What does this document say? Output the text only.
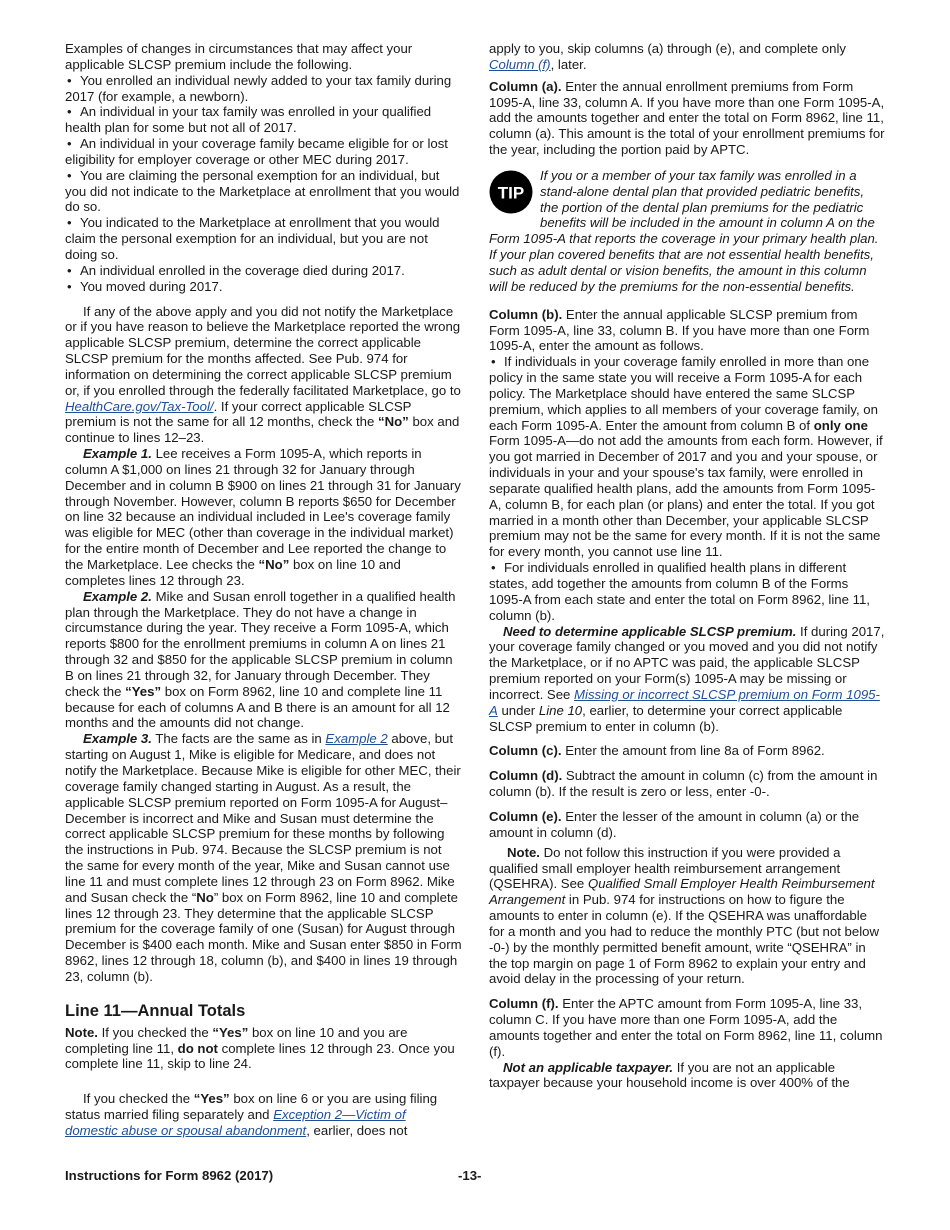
Examples of changes in circumstances that may affect your applicable SLCSP premium include the following.

• You enrolled an individual newly added to your tax family during 2017 (for example, a newborn).
• An individual in your tax family was enrolled in your qualified health plan for some but not all of 2017.
• An individual in your coverage family became eligible for or lost eligibility for employer coverage or other MEC during 2017.
• You are claiming the personal exemption for an individual, but you did not indicate to the Marketplace at enrollment that you would do so.
• You indicated to the Marketplace at enrollment that you would claim the personal exemption for an individual, but you are not doing so.
• An individual enrolled in the coverage died during 2017.
• You moved during 2017.

If any of the above apply and you did not notify the Marketplace or if you have reason to believe the Marketplace reported the wrong applicable SLCSP premium, determine the correct applicable SLCSP premium for the months affected. See Pub. 974 for information on determining the correct applicable SLCSP premium or, if you enrolled through the federally facilitated Marketplace, go to HealthCare.gov/Tax-Tool/. If your correct applicable SLCSP premium is not the same for all 12 months, check the “No” box and continue to lines 12–23.

Example 1. Lee receives a Form 1095-A, which reports in column A $1,000 on lines 21 through 32 for January through December and in column B $900 on lines 21 through 31 for January through November. However, column B reports $650 for December on line 32 because an individual included in Lee's coverage family was eligible for MEC (other than coverage in the individual market) for the entire month of December and Lee reported the change to the Marketplace. Lee checks the “No” box on line 10 and completes lines 12 through 23.

Example 2. Mike and Susan enroll together in a qualified health plan through the Marketplace. They do not have a change in circumstance during the year. They receive a Form 1095-A, which reports $800 for the enrollment premiums in column A on lines 21 through 32 and $850 for the applicable SLCSP premium in column B on lines 21 through 32, for January through December. They check the “Yes” box on Form 8962, line 10 and complete line 11 because for each of columns A and B there is an amount for all 12 months and the amounts did not change.

Example 3. The facts are the same as in Example 2 above, but starting on August 1, Mike is eligible for Medicare, and does not notify the Marketplace. Because Mike is eligible for other MEC, their coverage family changed starting in August. As a result, the applicable SLCSP premium reported on Form 1095-A for August–December is incorrect and Mike and Susan must determine the correct applicable SLCSP premium for these months by following the instructions in Pub. 974. Because the SLCSP premium is not the same for every month of the year, Mike and Susan cannot use line 11 and must complete lines 12 through 23 on Form 8962. Mike and Susan check the “No” box on Form 8962, line 10 and complete lines 12 through 23. They determine that the applicable SLCSP premium for the coverage family of one (Susan) for August through December is $400 each month. Mike and Susan enter $850 in Form 8962, lines 12 through 18, column (b), and $400 in lines 19 through 23, column (b).

Line 11—Annual Totals

Note. If you checked the “Yes” box on line 10 and you are completing line 11, do not complete lines 12 through 23. Once you complete line 11, skip to line 24.

If you checked the “Yes” box on line 6 or you are using filing status married filing separately and Exception 2—Victim of domestic abuse or spousal abandonment, earlier, does not

apply to you, skip columns (a) through (e), and complete only Column (f), later.

Column (a). Enter the annual enrollment premiums from Form 1095-A, line 33, column A. If you have more than one Form 1095-A, add the amounts together and enter the total on Form 8962, line 11, column (a). This amount is the total of your enrollment premiums for the year, including the portion paid by APTC.

TIP
If you or a member of your tax family was enrolled in a stand-alone dental plan that provided pediatric benefits, the portion of the dental plan premiums for the pediatric benefits will be included in the amount in column A on the Form 1095-A that reports the coverage in your primary health plan. If your plan covered benefits that are not essential health benefits, such as adult dental or vision benefits, the amount in this column will be reduced by the premiums for the non-essential benefits.

Column (b). Enter the annual applicable SLCSP premium from Form 1095-A, line 33, column B. If you have more than one Form 1095-A, enter the amount as follows.

• If individuals in your coverage family enrolled in more than one policy in the same state you will receive a Form 1095-A for each policy. The Marketplace should have entered the same SLCSP premium, which applies to all members of your coverage family, on each Form 1095-A. Enter the amount from column B of only one Form 1095-A—do not add the amounts from each form. However, if you got married in December of 2017 and you and your spouse, or individuals in your and your spouse's tax family, were enrolled in separate qualified health plans, add the amounts from Form 1095-A, column B, for each plan (or plans) and enter the total. If you got married in a month other than December, your applicable SLCSP premium may not be the same for every month. If it is not the same for every month, you cannot use line 11.
• For individuals enrolled in qualified health plans in different states, add together the amounts from column B of the Forms 1095-A from each state and enter the total on Form 8962, line 11, column (b).

Need to determine applicable SLCSP premium. If during 2017, your coverage family changed or you moved and you did not notify the Marketplace, or if no APTC was paid, the applicable SLCSP premium reported on your Form(s) 1095-A may be missing or incorrect. See Missing or incorrect SLCSP premium on Form 1095-A under Line 10, earlier, to determine your correct applicable SLCSP premium to enter in column (b).

Column (c). Enter the amount from line 8a of Form 8962.

Column (d). Subtract the amount in column (c) from the amount in column (b). If the result is zero or less, enter -0-.

Column (e). Enter the lesser of the amount in column (a) or the amount in column (d).

Note. Do not follow this instruction if you were provided a qualified small employer health reimbursement arrangement (QSEHRA). See Qualified Small Employer Health Reimbursement Arrangement in Pub. 974 for instructions on how to figure the amounts to enter in column (e). If the QSEHRA was unaffordable for a month and you had to reduce the monthly PTC (but not below -0-) by the monthly permitted benefit amount, write “QSEHRA” in the top margin on page 1 of Form 8962 to explain your entry and avoid delay in the processing of your return.

Column (f). Enter the APTC amount from Form 1095-A, line 33, column C. If you have more than one Form 1095-A, add the amounts together and enter the total on Form 8962, line 11, column (f).

Not an applicable taxpayer. If you are not an applicable taxpayer because your household income is over 400% of the

Instructions for Form 8962 (2017)	-13-
